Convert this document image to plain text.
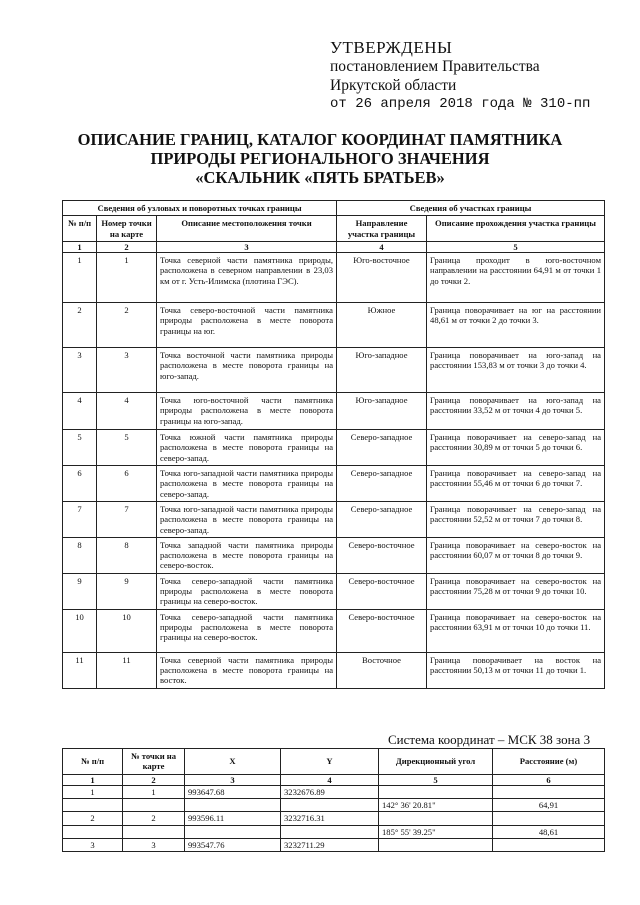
УТВЕРЖДЕНЫ
постановлением Правительства
Иркутской области
от 26 апреля 2018 года № 310-пп
ОПИСАНИЕ ГРАНИЦ, КАТАЛОГ КООРДИНАТ ПАМЯТНИКА
ПРИРОДЫ РЕГИОНАЛЬНОГО ЗНАЧЕНИЯ
«СКАЛЬНИК «ПЯТЬ БРАТЬЕВ»
Сведения об узловых и поворотных точках границы			Сведения об участках границы	
№ п/п	Номер точки на карте	Описание местоположения точки	Направление участка границы	Описание прохождения участка границы
1	2	3	4	5
1	1	Точка северной части памятника природы, расположена в северном направлении в 23,03 км от г. Усть-Илимска (плотина ГЭС).	Юго-восточное	Граница проходит в юго-восточном направлении на расстоянии 64,91 м от точки 1 до точки 2.
2	2	Точка северо-восточной части памятника природы расположена в месте поворота границы на юг.	Южное	Граница поворачивает на юг на расстоянии 48,61 м от точки 2 до точки 3.
3	3	Точка восточной части памятника природы расположена в месте поворота границы на юго-запад.	Юго-западное	Граница поворачивает на юго-запад на расстоянии 153,83 м от точки 3 до точки 4.
4	4	Точка юго-восточной части памятника природы расположена в месте поворота границы на юго-запад.	Юго-западное	Граница поворачивает на юго-запад на расстоянии 33,52 м от точки 4 до точки 5.
5	5	Точка южной части памятника природы расположена в месте поворота границы на северо-запад.	Северо-западное	Граница поворачивает на северо-запад на расстоянии 30,89 м от точки 5 до точки 6.
6	6	Точка юго-западной части памятника природы расположена в месте поворота границы на северо-запад.	Северо-западное	Граница поворачивает на северо-запад на расстоянии 55,46 м от точки 6 до точки 7.
7	7	Точка юго-западной части памятника природы расположена в месте поворота границы на северо-запад.	Северо-западное	Граница поворачивает на северо-запад на расстоянии 52,52 м от точки 7 до точки 8.
8	8	Точка западной части памятника природы расположена в месте поворота границы на северо-восток.	Северо-восточное	Граница поворачивает на северо-восток на расстоянии 60,07 м от точки 8 до точки 9.
9	9	Точка северо-западной части памятника природы расположена в месте поворота границы на северо-восток.	Северо-восточное	Граница поворачивает на северо-восток на расстоянии 75,28 м от точки 9 до точки 10.
10	10	Точка северо-западной части памятника природы расположена в месте поворота границы на северо-восток.	Северо-восточное	Граница поворачивает на северо-восток на расстоянии 63,91 м от точки 10 до точки 11.
11	11	Точка северной части памятника природы расположена в месте поворота границы на восток.	Восточное	Граница поворачивает на восток на расстоянии 50,13 м от точки 11 до точки 1.
Система координат – МСК 38 зона 3
№ п/п	№ точки на карте	X	Y	Дирекционный угол	Расстояние (м)
1	2	3	4	5	6
1	1	993647.68	3232676.89		
				142° 36' 20.81"	64,91
2	2	993596.11	3232716.31		
				185° 55' 39.25"	48,61
3	3	993547.76	3232711.29		
